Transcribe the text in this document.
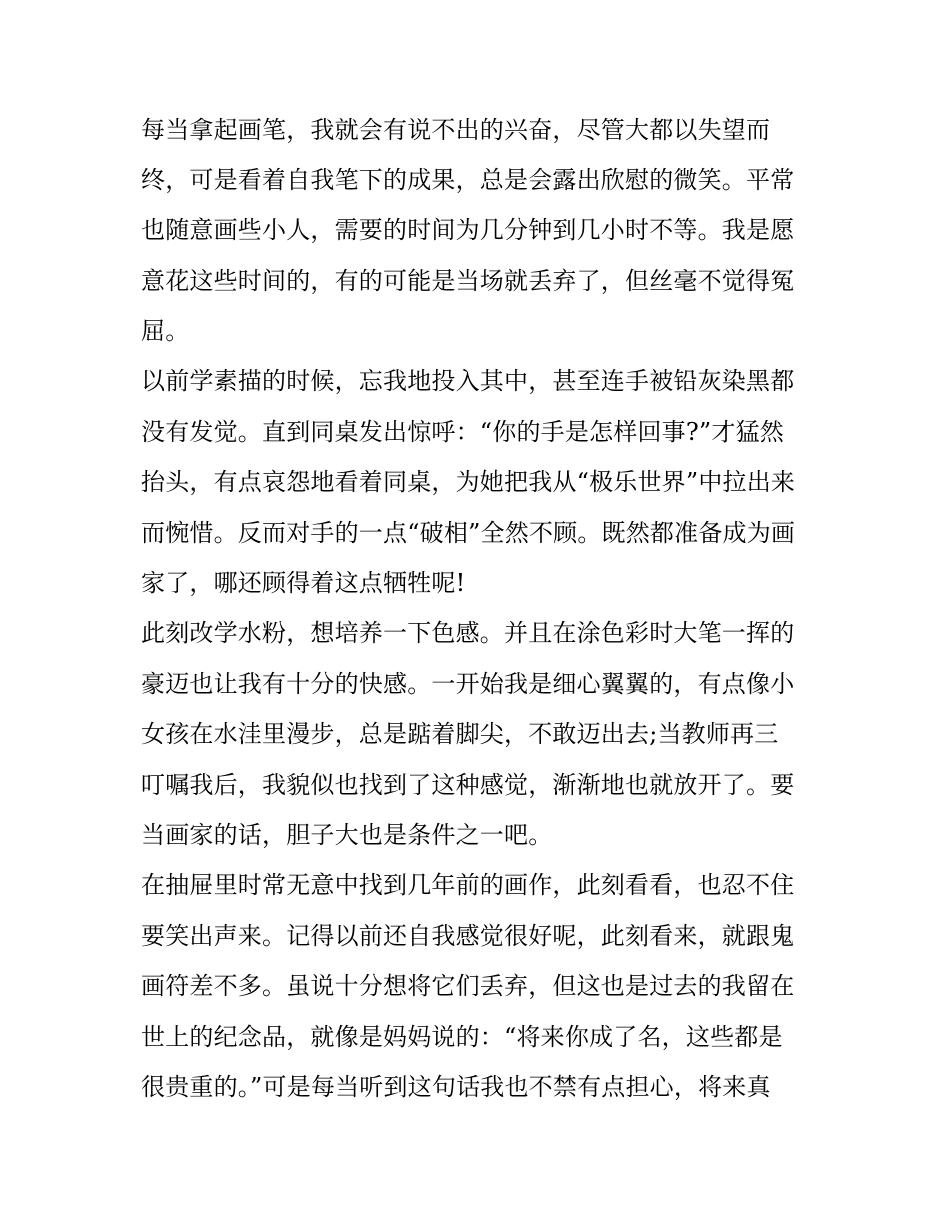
每当拿起画笔，我就会有说不出的兴奋，尽管大都以失望而
终，可是看着自我笔下的成果，总是会露出欣慰的微笑。平常
也随意画些小人，需要的时间为几分钟到几小时不等。我是愿
意花这些时间的，有的可能是当场就丢弃了，但丝毫不觉得冤
屈。
以前学素描的时候，忘我地投入其中，甚至连手被铅灰染黑都
没有发觉。直到同桌发出惊呼：“你的手是怎样回事?”才猛然
抬头，有点哀怨地看着同桌，为她把我从“极乐世界”中拉出来
而惋惜。反而对手的一点“破相”全然不顾。既然都准备成为画
家了，哪还顾得着这点牺牲呢!
此刻改学水粉，想培养一下色感。并且在涂色彩时大笔一挥的
豪迈也让我有十分的快感。一开始我是细心翼翼的，有点像小
女孩在水洼里漫步，总是踮着脚尖，不敢迈出去;当教师再三
叮嘱我后，我貌似也找到了这种感觉，渐渐地也就放开了。要
当画家的话，胆子大也是条件之一吧。
在抽屉里时常无意中找到几年前的画作，此刻看看，也忍不住
要笑出声来。记得以前还自我感觉很好呢，此刻看来，就跟鬼
画符差不多。虽说十分想将它们丢弃，但这也是过去的我留在
世上的纪念品，就像是妈妈说的：“将来你成了名，这些都是
很贵重的。”可是每当听到这句话我也不禁有点担心，将来真
